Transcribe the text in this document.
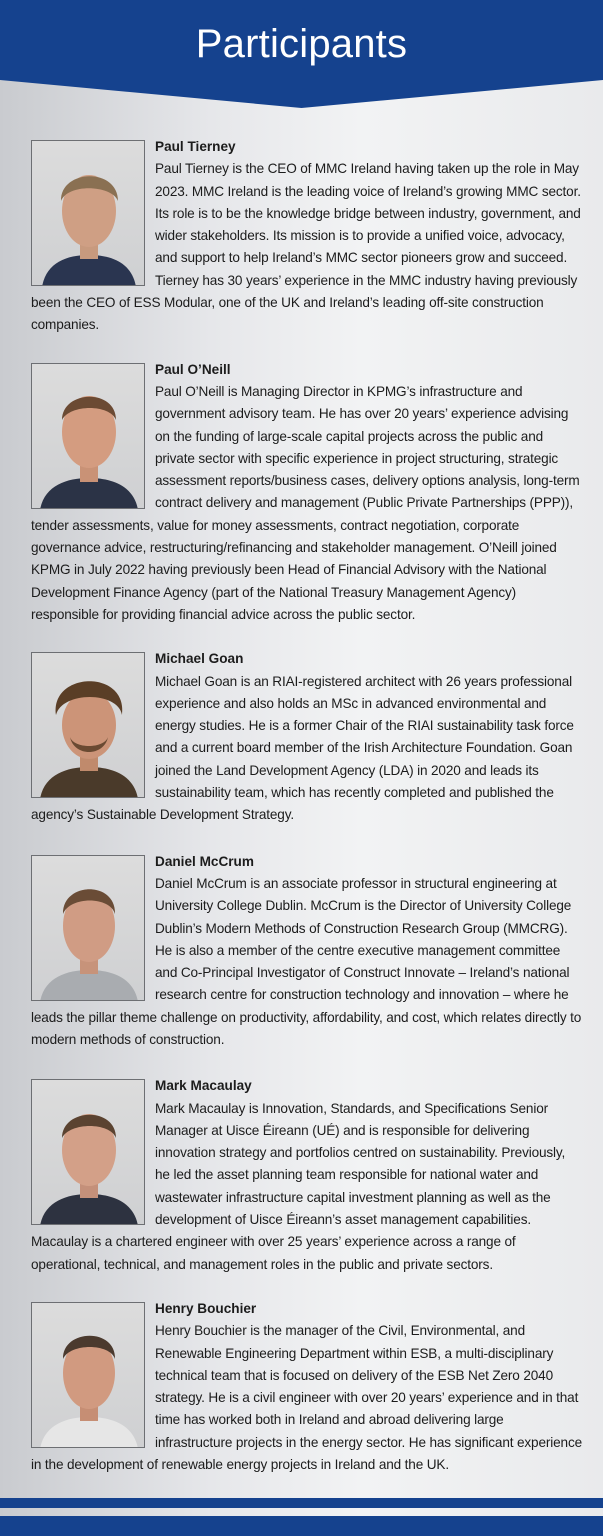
Participants

Paul Tierney

Paul Tierney is the CEO of MMC Ireland having taken up the role in May 2023. MMC Ireland is the leading voice of Ireland’s growing MMC sector. Its role is to be the knowledge bridge between industry, government, and wider stakeholders. Its mission is to provide a unified voice, advocacy, and support to help Ireland’s MMC sector pioneers grow and succeed. Tierney has 30 years’ experience in the MMC industry having previously been the CEO of ESS Modular, one of the UK and Ireland’s leading off-site construction companies.

Paul O’Neill

Paul O’Neill is Managing Director in KPMG’s infrastructure and government advisory team. He has over 20 years’ experience advising on the funding of large-scale capital projects across the public and private sector with specific experience in project structuring, strategic assessment reports/business cases, delivery options analysis, long-term contract delivery and management (Public Private Partnerships (PPP)), tender assessments, value for money assessments, contract negotiation, corporate governance advice, restructuring/refinancing and stakeholder management. O’Neill joined KPMG in July 2022 having previously been Head of Financial Advisory with the National Development Finance Agency (part of the National Treasury Management Agency) responsible for providing financial advice across the public sector.

Michael Goan

Michael Goan is an RIAI-registered architect with 26 years professional experience and also holds an MSc in advanced environmental and energy studies. He is a former Chair of the RIAI sustainability task force and a current board member of the Irish Architecture Foundation. Goan joined the Land Development Agency (LDA) in 2020 and leads its sustainability team, which has recently completed and published the agency’s Sustainable Development Strategy.

Daniel McCrum

Daniel McCrum is an associate professor in structural engineering at University College Dublin. McCrum is the Director of University College Dublin’s Modern Methods of Construction Research Group (MMCRG). He is also a member of the centre executive management committee and Co-Principal Investigator of Construct Innovate – Ireland’s national research centre for construction technology and innovation – where he leads the pillar theme challenge on productivity, affordability, and cost, which relates directly to modern methods of construction.

Mark Macaulay

Mark Macaulay is Innovation, Standards, and Specifications Senior Manager at Uisce Éireann (UÉ) and is responsible for delivering innovation strategy and portfolios centred on sustainability. Previously, he led the asset planning team responsible for national water and wastewater infrastructure capital investment planning as well as the development of Uisce Éireann’s asset management capabilities. Macaulay is a chartered engineer with over 25 years’ experience across a range of operational, technical, and management roles in the public and private sectors.

Henry Bouchier

Henry Bouchier is the manager of the Civil, Environmental, and Renewable Engineering Department within ESB, a multi-disciplinary technical team that is focused on delivery of the ESB Net Zero 2040 strategy. He is a civil engineer with over 20 years’ experience and in that time has worked both in Ireland and abroad delivering large infrastructure projects in the energy sector. He has significant experience in the development of renewable energy projects in Ireland and the UK.
